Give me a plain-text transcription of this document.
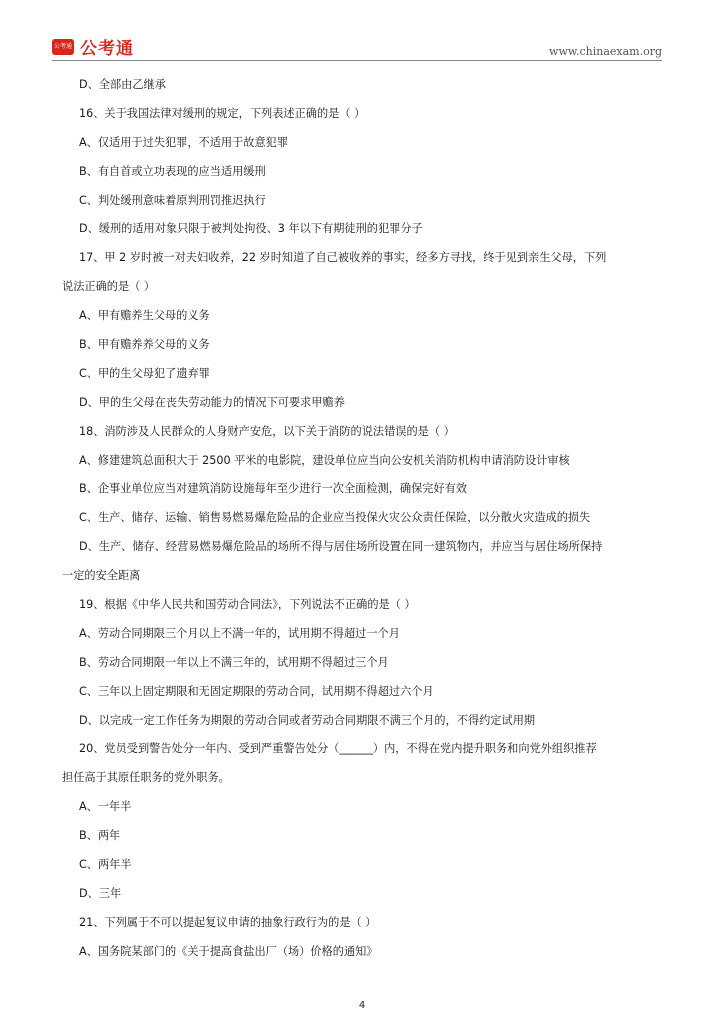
公考通 公考通	www.chinaexam.org
D、全部由乙继承
16、关于我国法律对缓刑的规定，下列表述正确的是（ ）
A、仅适用于过失犯罪，不适用于故意犯罪
B、有自首或立功表现的应当适用缓刑
C、判处缓刑意味着原判刑罚推迟执行
D、缓刑的适用对象只限于被判处拘役、3 年以下有期徒刑的犯罪分子
17、甲 2 岁时被一对夫妇收养，22 岁时知道了自己被收养的事实，经多方寻找，终于见到亲生父母，下列
说法正确的是（ ）
A、甲有赡养生父母的义务
B、甲有赡养养父母的义务
C、甲的生父母犯了遗弃罪
D、甲的生父母在丧失劳动能力的情况下可要求甲赡养
18、消防涉及人民群众的人身财产安危，以下关于消防的说法错误的是（ ）
A、修建建筑总面积大于 2500 平米的电影院，建设单位应当向公安机关消防机构申请消防设计审核
B、企事业单位应当对建筑消防设施每年至少进行一次全面检测，确保完好有效
C、生产、储存、运输、销售易燃易爆危险品的企业应当投保火灾公众责任保险，以分散火灾造成的损失
D、生产、储存、经营易燃易爆危险品的场所不得与居住场所设置在同一建筑物内，并应当与居住场所保持
一定的安全距离
19、根据《中华人民共和国劳动合同法》，下列说法不正确的是（ ）
A、劳动合同期限三个月以上不满一年的，试用期不得超过一个月
B、劳动合同期限一年以上不满三年的，试用期不得超过三个月
C、三年以上固定期限和无固定期限的劳动合同，试用期不得超过六个月
D、以完成一定工作任务为期限的劳动合同或者劳动合同期限不满三个月的，不得约定试用期
20、党员受到警告处分一年内、受到严重警告处分（______）内，不得在党内提升职务和向党外组织推荐
担任高于其原任职务的党外职务。
A、一年半
B、两年
C、两年半
D、三年
21、下列属于不可以提起复议申请的抽象行政行为的是（ ）
A、国务院某部门的《关于提高食盐出厂（场）价格的通知》
4
